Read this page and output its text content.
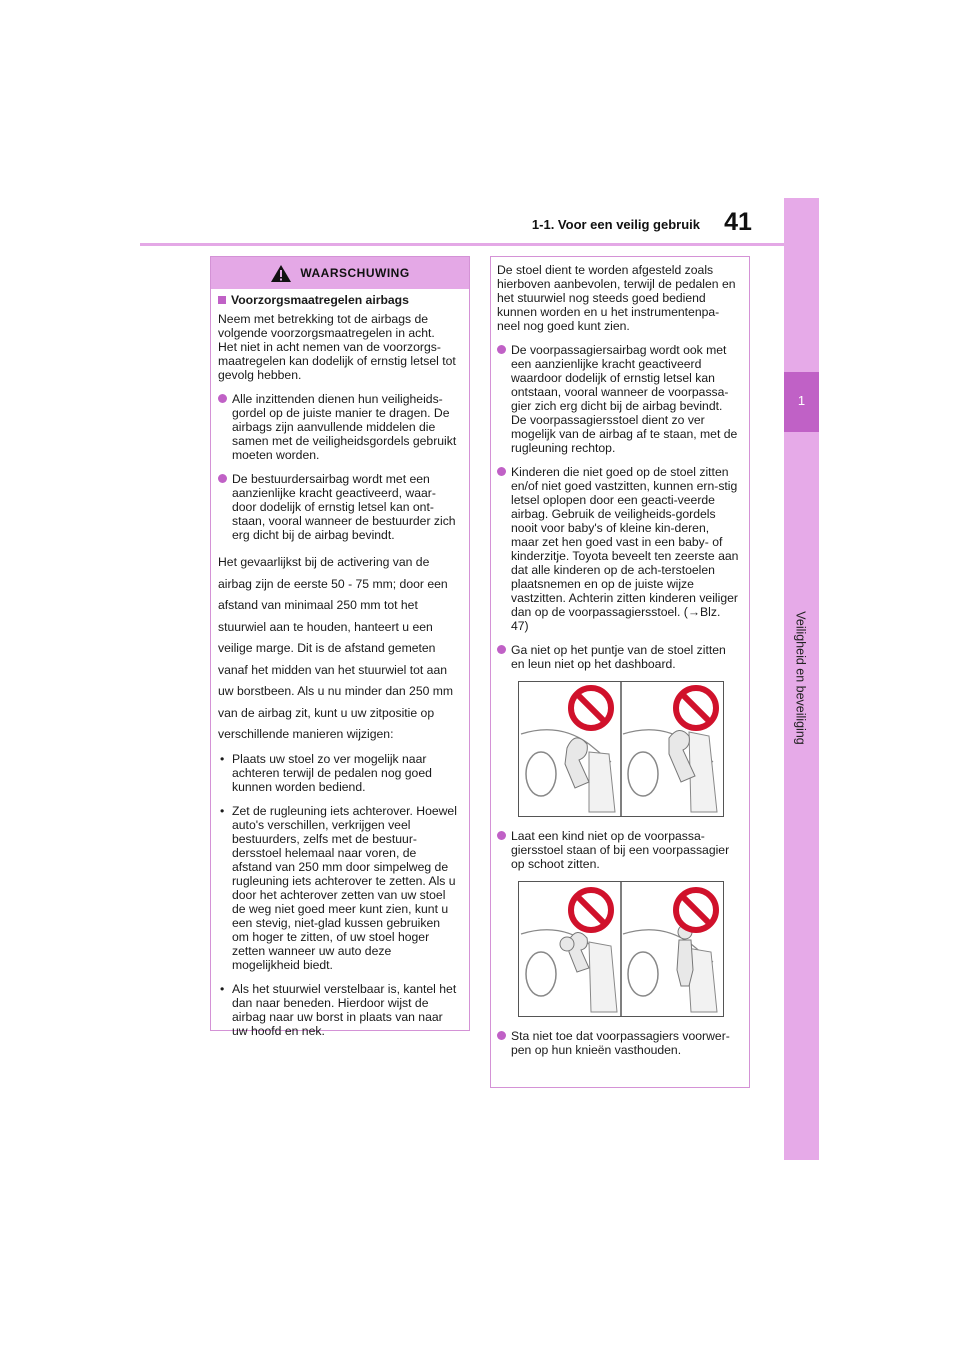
1-1. Voor een veilig gebruik 41
1
Veiligheid en beveiliging
WAARSCHUWING
Voorzorgsmaatregelen airbags

Neem met betrekking tot de airbags de volgende voorzorgsmaatregelen in acht. Het niet in acht nemen van de voorzorgs-maatregelen kan dodelijk of ernstig letsel tot gevolg hebben.

Alle inzittenden dienen hun veiligheids-gordel op de juiste manier te dragen. De airbags zijn aanvullende middelen die samen met de veiligheidsgordels gebruikt moeten worden.
De bestuurdersairbag wordt met een aanzienlijke kracht geactiveerd, waar-door dodelijk of ernstig letsel kan ont-staan, vooral wanneer de bestuurder zich erg dicht bij de airbag bevindt.

Het gevaarlijkst bij de activering van de airbag zijn de eerste 50 - 75 mm; door een afstand van minimaal 250 mm tot het stuurwiel aan te houden, hanteert u een veilige marge. Dit is de afstand gemeten vanaf het midden van het stuurwiel tot aan uw borstbeen. Als u nu minder dan 250 mm van de airbag zit, kunt u uw zitpositie op verschillende manieren wijzigen:

• Plaats uw stoel zo ver mogelijk naar achteren terwijl de pedalen nog goed kunnen worden bediend.
• Zet de rugleuning iets achterover. Hoewel auto's verschillen, verkrijgen veel bestuurders, zelfs met de bestuur-dersstoel helemaal naar voren, de afstand van 250 mm door simpelweg de rugleuning iets achterover te zetten. Als u door het achterover zetten van uw stoel de weg niet goed meer kunt zien, kunt u een stevig, niet-glad kussen gebruiken om hoger te zitten, of uw stoel hoger zetten wanneer uw auto deze mogelijkheid biedt.
• Als het stuurwiel verstelbaar is, kantel het dan naar beneden. Hierdoor wijst de airbag naar uw borst in plaats van naar uw hoofd en nek.

De stoel dient te worden afgesteld zoals hierboven aanbevolen, terwijl de pedalen en het stuurwiel nog steeds goed bediend kunnen worden en u het instrumentenpa-neel nog goed kunt zien.

De voorpassagiersairbag wordt ook met een aanzienlijke kracht geactiveerd waardoor dodelijk of ernstig letsel kan ontstaan, vooral wanneer de voorpassa-gier zich erg dicht bij de airbag bevindt. De voorpassagiersstoel dient zo ver mogelijk van de airbag af te staan, met de rugleuning rechtop.
Kinderen die niet goed op de stoel zitten en/of niet goed vastzitten, kunnen ern-stig letsel oplopen door een geacti-veerde airbag. Gebruik de veiligheids-gordels nooit voor baby's of kleine kin-deren, maar zet hen goed vast in een baby- of kinderzitje. Toyota beveelt ten zeerste aan dat alle kinderen op de ach-terstoelen plaatsnemen en op de juiste wijze vastzitten. Achterin zitten kinderen veiliger dan op de voorpassagiersstoel. (→Blz. 47)
Ga niet op het puntje van de stoel zitten en leun niet op het dashboard.
Laat een kind niet op de voorpassa-giersstoel staan of bij een voorpassagier op schoot zitten.
Sta niet toe dat voorpassagiers voorwer-pen op hun knieën vasthouden.
